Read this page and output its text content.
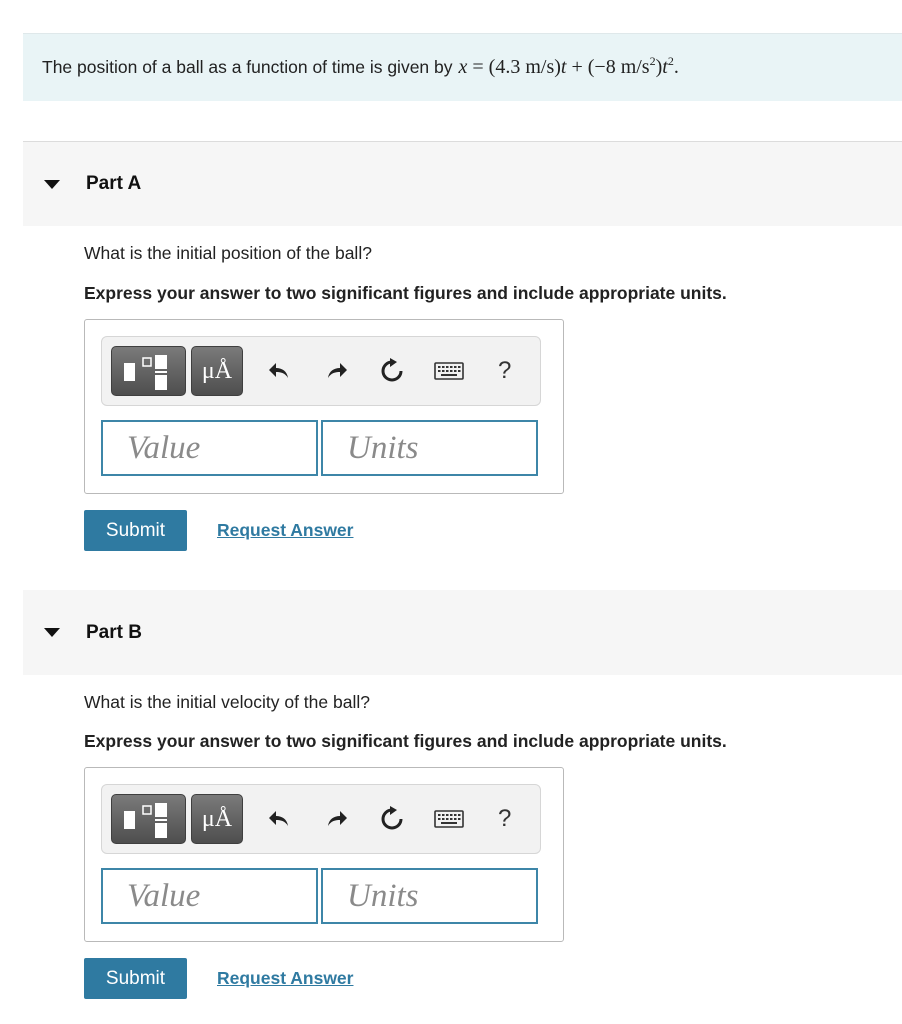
The position of a ball as a function of time is given by x = (4.3 m/s)t + (−8 $m/s^2)t^2$.
Part A
What is the initial position of the ball?
Express your answer to two significant figures and include appropriate units.
μÅ	?
Value	Units
Submit	Request Answer
Part B
What is the initial velocity of the ball?
Express your answer to two significant figures and include appropriate units.
μÅ	?
Value	Units
Submit	Request Answer
